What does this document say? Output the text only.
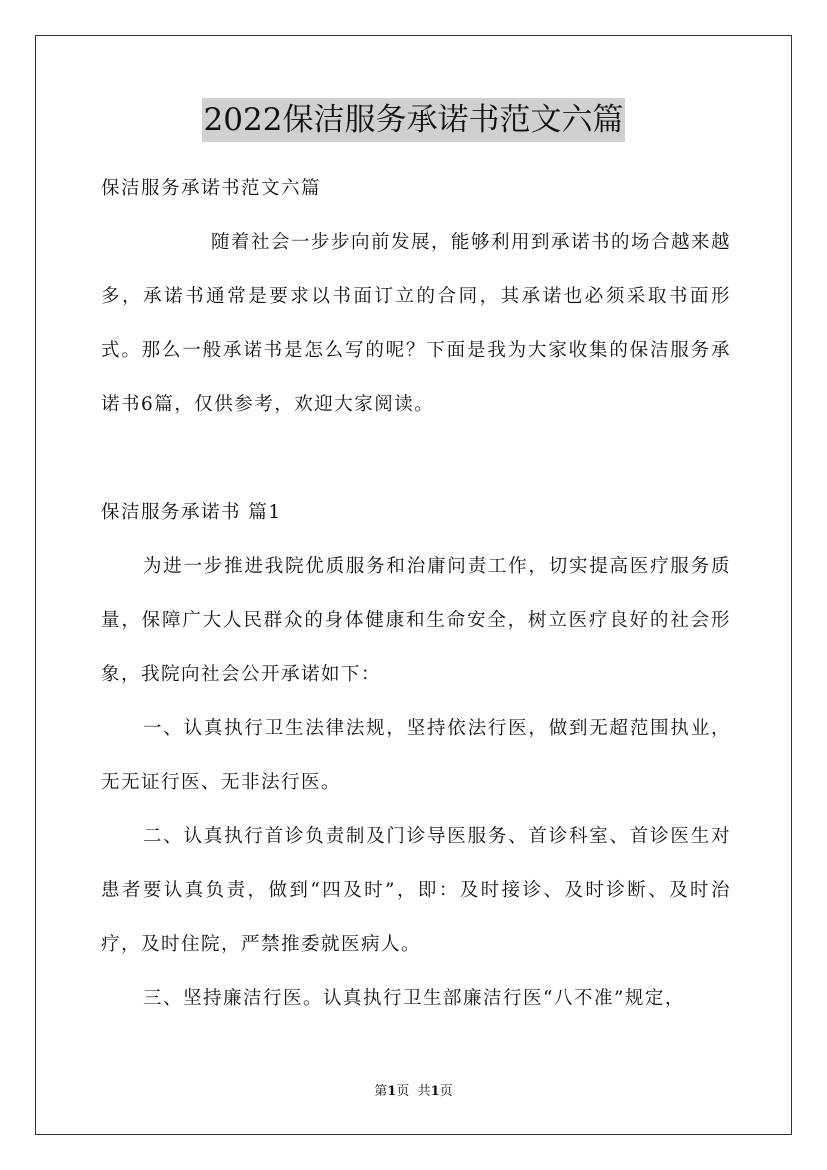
2022保洁服务承诺书范文六篇

保洁服务承诺书范文六篇

随着社会一步步向前发展，能够利用到承诺书的场合越来越多，承诺书通常是要求以书面订立的合同，其承诺也必须采取书面形式。那么一般承诺书是怎么写的呢？下面是我为大家收集的保洁服务承诺书6篇，仅供参考，欢迎大家阅读。

保洁服务承诺书 篇1

为进一步推进我院优质服务和治庸问责工作，切实提高医疗服务质量，保障广大人民群众的身体健康和生命安全，树立医疗良好的社会形象，我院向社会公开承诺如下：

一、认真执行卫生法律法规，坚持依法行医，做到无超范围执业，无无证行医、无非法行医。

二、认真执行首诊负责制及门诊导医服务、首诊科室、首诊医生对患者要认真负责，做到“四及时”，即：及时接诊、及时诊断、及时治疗，及时住院，严禁推委就医病人。

三、坚持廉洁行医。认真执行卫生部廉洁行医“八不准”规定，

第1页 共1页
